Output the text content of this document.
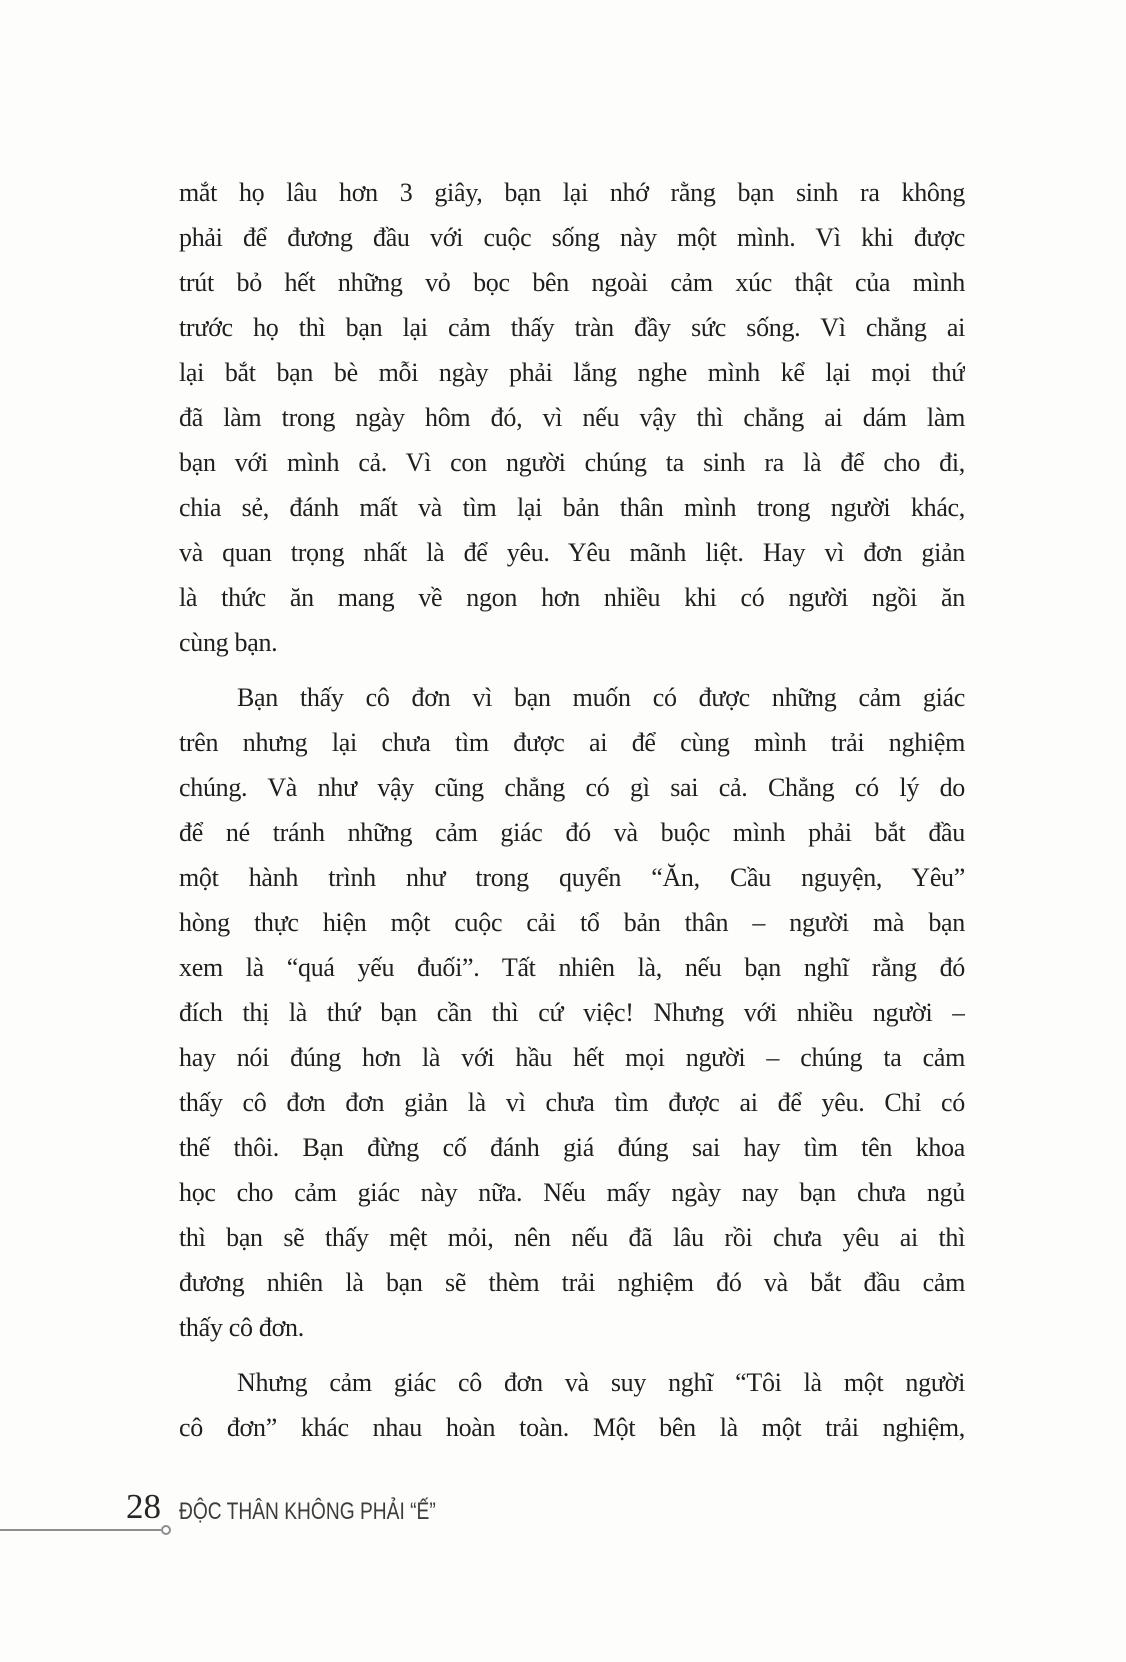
mắt họ lâu hơn 3 giây, bạn lại nhớ rằng bạn sinh ra không
phải để đương đầu với cuộc sống này một mình. Vì khi được
trút bỏ hết những vỏ bọc bên ngoài cảm xúc thật của mình
trước họ thì bạn lại cảm thấy tràn đầy sức sống. Vì chẳng ai
lại bắt bạn bè mỗi ngày phải lắng nghe mình kể lại mọi thứ
đã làm trong ngày hôm đó, vì nếu vậy thì chẳng ai dám làm
bạn với mình cả. Vì con người chúng ta sinh ra là để cho đi,
chia sẻ, đánh mất và tìm lại bản thân mình trong người khác,
và quan trọng nhất là để yêu. Yêu mãnh liệt. Hay vì đơn giản
là thức ăn mang về ngon hơn nhiều khi có người ngồi ăn
cùng bạn.
Bạn thấy cô đơn vì bạn muốn có được những cảm giác
trên nhưng lại chưa tìm được ai để cùng mình trải nghiệm
chúng. Và như vậy cũng chẳng có gì sai cả. Chẳng có lý do
để né tránh những cảm giác đó và buộc mình phải bắt đầu
một hành trình như trong quyển “Ăn, Cầu nguyện, Yêu”
hòng thực hiện một cuộc cải tổ bản thân – người mà bạn
xem là “quá yếu đuối”. Tất nhiên là, nếu bạn nghĩ rằng đó
đích thị là thứ bạn cần thì cứ việc! Nhưng với nhiều người –
hay nói đúng hơn là với hầu hết mọi người – chúng ta cảm
thấy cô đơn đơn giản là vì chưa tìm được ai để yêu. Chỉ có
thế thôi. Bạn đừng cố đánh giá đúng sai hay tìm tên khoa
học cho cảm giác này nữa. Nếu mấy ngày nay bạn chưa ngủ
thì bạn sẽ thấy mệt mỏi, nên nếu đã lâu rồi chưa yêu ai thì
đương nhiên là bạn sẽ thèm trải nghiệm đó và bắt đầu cảm
thấy cô đơn.
Nhưng cảm giác cô đơn và suy nghĩ “Tôi là một người
cô đơn” khác nhau hoàn toàn. Một bên là một trải nghiệm,
28 ĐỘC THÂN KHÔNG PHẢI “Ế”
